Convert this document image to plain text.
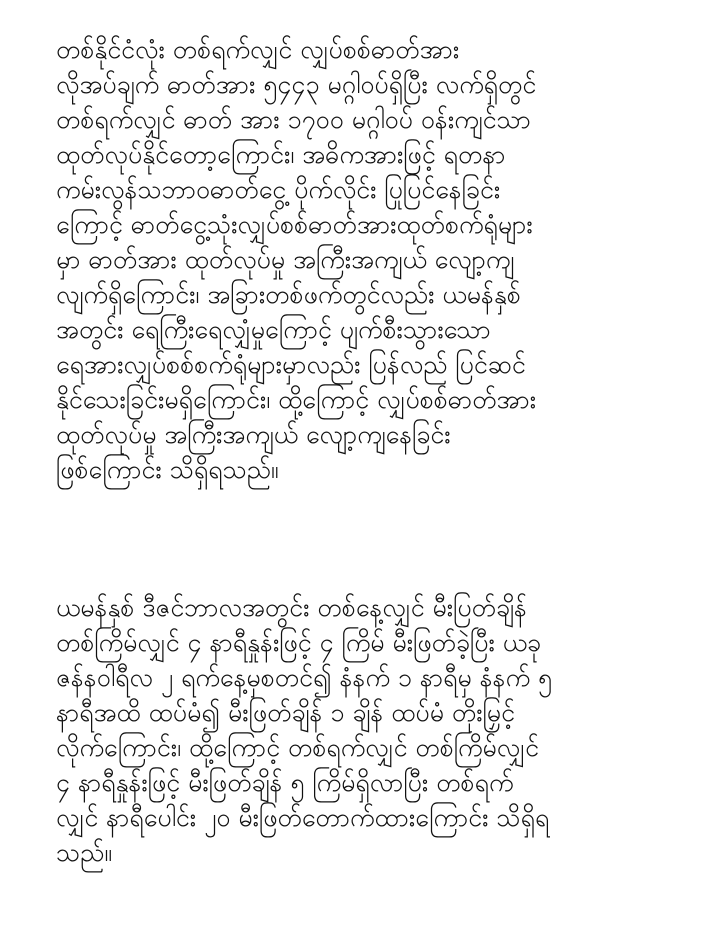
တစ်နိုင်ငံလုံး တစ်ရက်လျှင် လျှပ်စစ်ဓာတ်အား
လိုအပ်ချက် ဓာတ်အား ၅၄၄၃ မဂ္ဂါဝပ်ရှိပြီး လက်ရှိတွင်
တစ်ရက်လျှင် ဓာတ် အား ၁၇၀၀ မဂ္ဂါဝပ် ဝန်းကျင်သာ
ထုတ်လုပ်နိုင်တော့ကြောင်း၊ အဓိကအားဖြင့် ရတနာ
ကမ်းလွန်သဘာဝဓာတ်ငွေ့ ပိုက်လိုင်း ပြုပြင်နေခြင်း
ကြောင့် ဓာတ်ငွေ့သုံးလျှပ်စစ်ဓာတ်အားထုတ်စက်ရုံများ
မှာ ဓာတ်အား ထုတ်လုပ်မှု အကြီးအကျယ် လျော့ကျ
လျက်ရှိကြောင်း၊ အခြားတစ်ဖက်တွင်လည်း ယမန်နှစ်
အတွင်း ရေကြီးရေလျှံမှုကြောင့် ပျက်စီးသွားသော
ရေအားလျှပ်စစ်စက်ရုံများမှာလည်း ပြန်လည် ပြင်ဆင်
နိုင်သေးခြင်းမရှိကြောင်း၊ ထို့ကြောင့် လျှပ်စစ်ဓာတ်အား
ထုတ်လုပ်မှု အကြီးအကျယ် လျော့ကျနေခြင်း
ဖြစ်ကြောင်း သိရှိရသည်။
ယမန်နှစ် ဒီဇင်ဘာလအတွင်း တစ်နေ့လျှင် မီးပြတ်ချိန်
တစ်ကြိမ်လျှင် ၄ နာရီနှုန်းဖြင့် ၄ ကြိမ် မီးဖြတ်ခဲ့ပြီး ယခု
ဇန်နဝါရီလ ၂ ရက်နေ့မှစတင်၍ နံနက် ၁ နာရီမှ နံနက် ၅
နာရီအထိ ထပ်မံ၍ မီးဖြတ်ချိန် ၁ ချိန် ထပ်မံ တိုးမြှင့်
လိုက်ကြောင်း၊ ထို့ကြောင့် တစ်ရက်လျှင် တစ်ကြိမ်လျှင်
၄ နာရီနှုန်းဖြင့် မီးဖြတ်ချိန် ၅ ကြိမ်ရှိလာပြီး တစ်ရက်
လျှင် နာရီပေါင်း ၂၀ မီးဖြတ်တောက်ထားကြောင်း သိရှိရ
သည်။
